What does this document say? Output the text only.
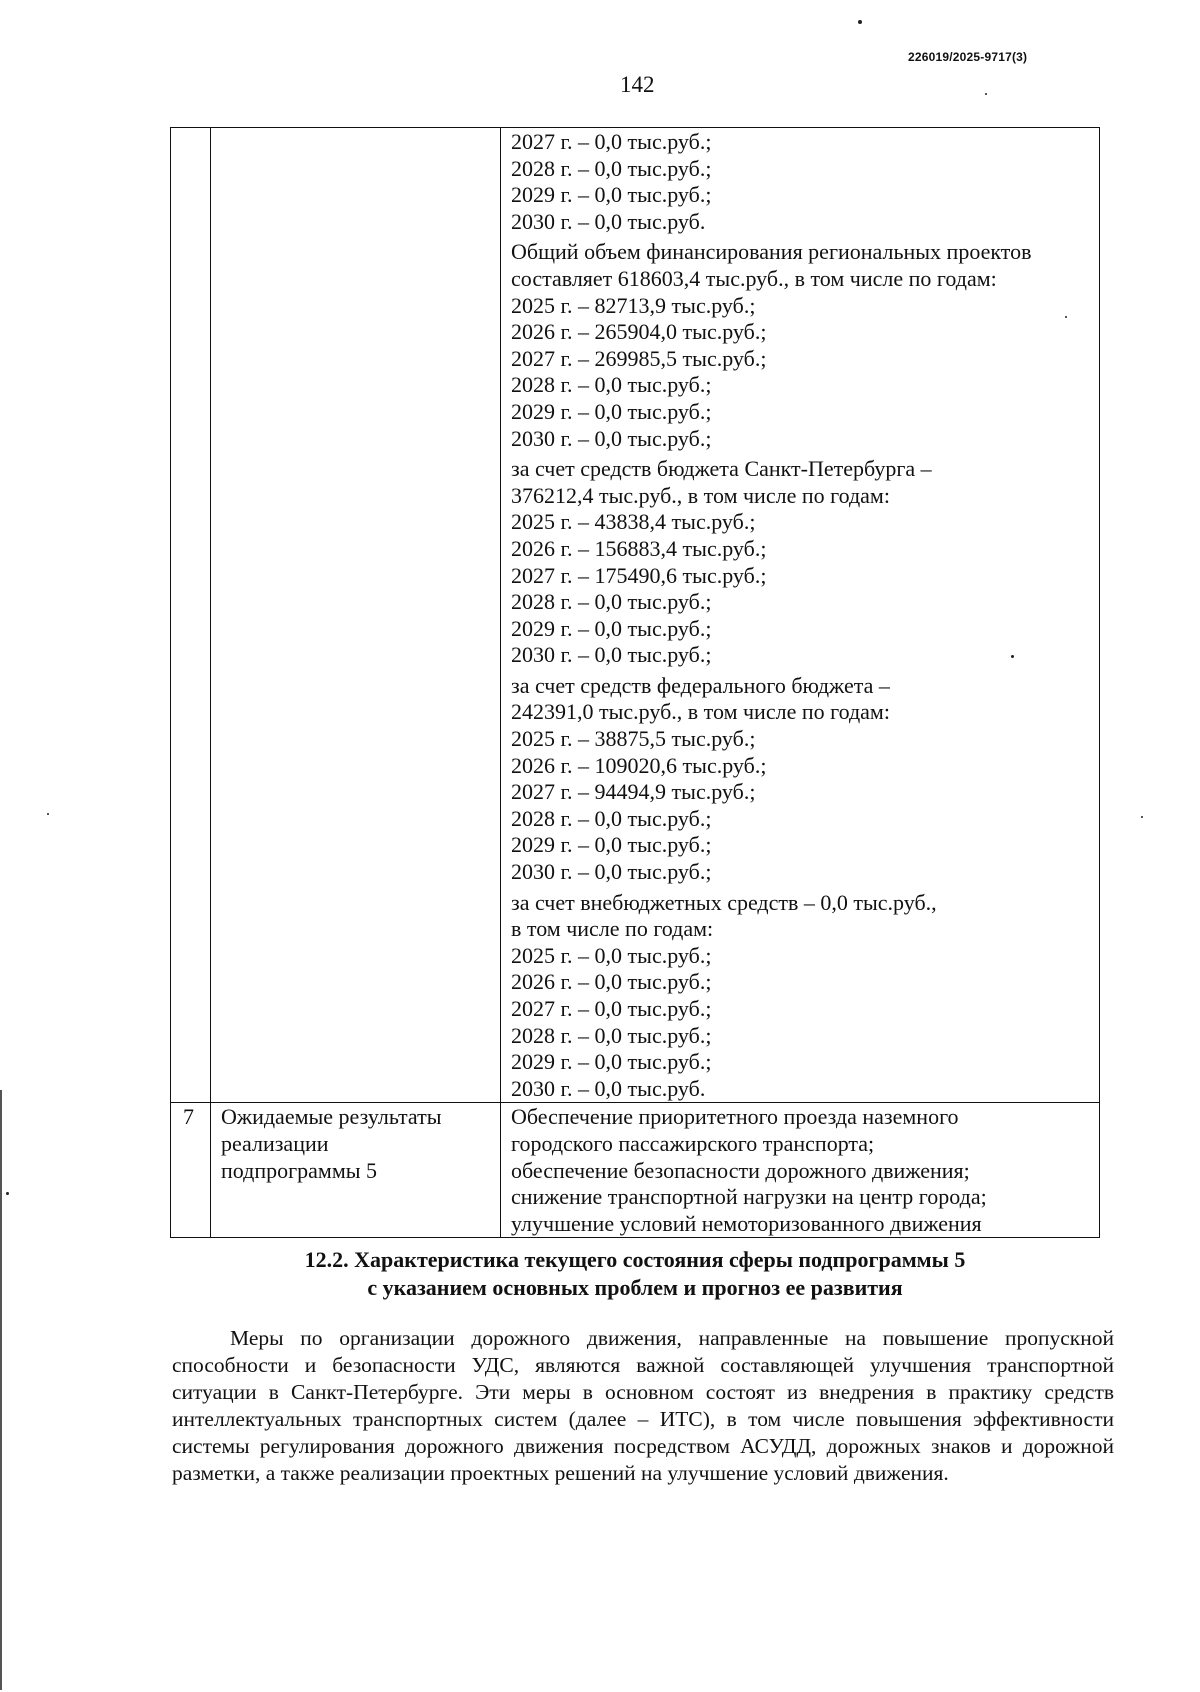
226019/2025-9717(3)
142
2027 г. – 0,0 тыс.руб.;
2028 г. – 0,0 тыс.руб.;
2029 г. – 0,0 тыс.руб.;
2030 г. – 0,0 тыс.руб.
Общий объем финансирования региональных проектов
составляет 618603,4 тыс.руб., в том числе по годам:
2025 г. – 82713,9 тыс.руб.;
2026 г. – 265904,0 тыс.руб.;
2027 г. – 269985,5 тыс.руб.;
2028 г. – 0,0 тыс.руб.;
2029 г. – 0,0 тыс.руб.;
2030 г. – 0,0 тыс.руб.;
за счет средств бюджета Санкт-Петербурга –
376212,4 тыс.руб., в том числе по годам:
2025 г. – 43838,4 тыс.руб.;
2026 г. – 156883,4 тыс.руб.;
2027 г. – 175490,6 тыс.руб.;
2028 г. – 0,0 тыс.руб.;
2029 г. – 0,0 тыс.руб.;
2030 г. – 0,0 тыс.руб.;
за счет средств федерального бюджета –
242391,0 тыс.руб., в том числе по годам:
2025 г. – 38875,5 тыс.руб.;
2026 г. – 109020,6 тыс.руб.;
2027 г. – 94494,9 тыс.руб.;
2028 г. – 0,0 тыс.руб.;
2029 г. – 0,0 тыс.руб.;
2030 г. – 0,0 тыс.руб.;
за счет внебюджетных средств – 0,0 тыс.руб.,
в том числе по годам:
2025 г. – 0,0 тыс.руб.;
2026 г. – 0,0 тыс.руб.;
2027 г. – 0,0 тыс.руб.;
2028 г. – 0,0 тыс.руб.;
2029 г. – 0,0 тыс.руб.;
2030 г. – 0,0 тыс.руб.
7	Ожидаемые результаты
реализации
подпрограммы 5
Обеспечение приоритетного проезда наземного
городского пассажирского транспорта;
обеспечение безопасности дорожного движения;
снижение транспортной нагрузки на центр города;
улучшение условий немоторизованного движения
12.2. Характеристика текущего состояния сферы подпрограммы 5
с указанием основных проблем и прогноз ее развития
Меры по организации дорожного движения, направленные на повышение пропускной способности и безопасности УДС, являются важной составляющей улучшения транспортной ситуации в Санкт-Петербурге. Эти меры в основном состоят из внедрения в практику средств интеллектуальных транспортных систем (далее – ИТС), в том числе повышения эффективности системы регулирования дорожного движения посредством АСУДД, дорожных знаков и дорожной разметки, а также реализации проектных решений на улучшение условий движения.
